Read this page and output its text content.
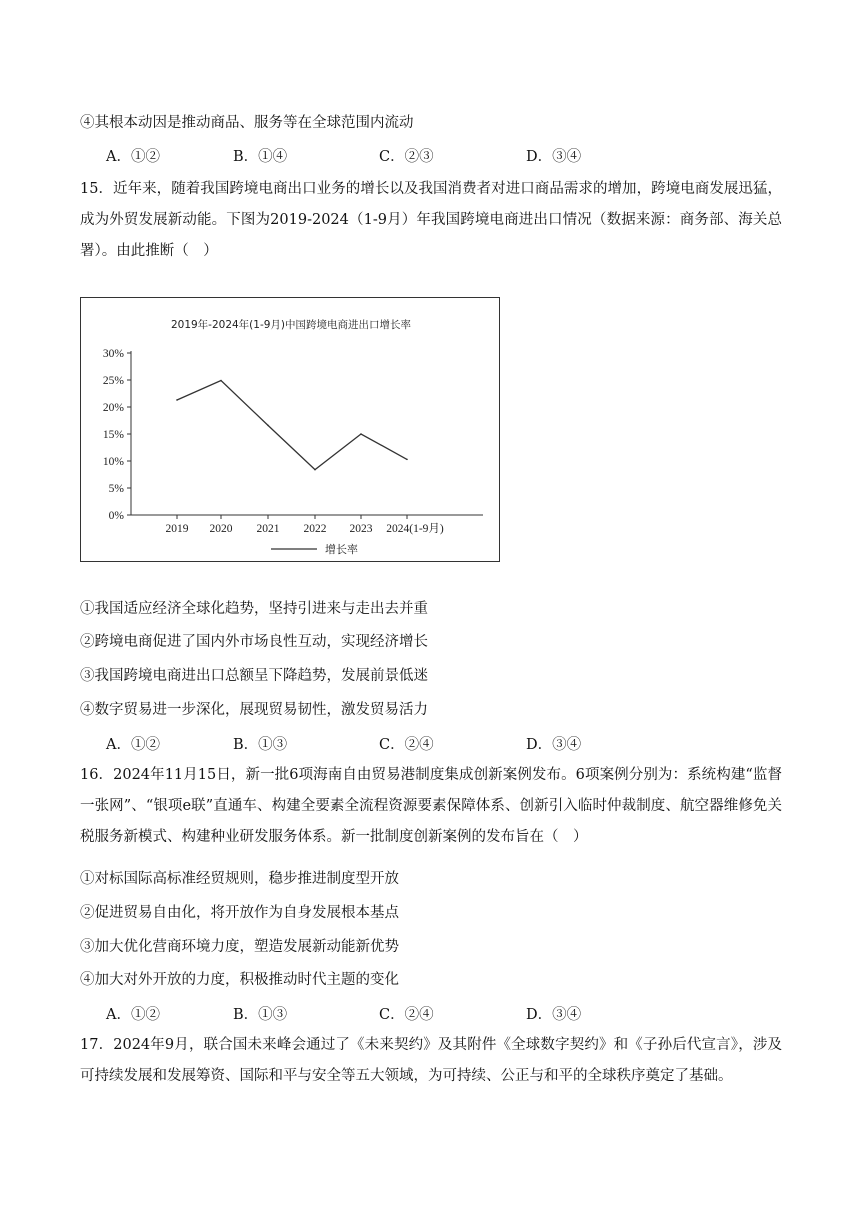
④其根本动因是推动商品、服务等在全球范围内流动
A．①②	B．①④	C．②③	D．③④
15．近年来，随着我国跨境电商出口业务的增长以及我国消费者对进口商品需求的增加，跨境电商发展迅猛，成为外贸发展新动能。下图为2019-2024（1-9月）年我国跨境电商进出口情况（数据来源：商务部、海关总署）。由此推断（　）
2019年-2024年(1-9月)中国跨境电商进出口增长率
0%
5%
10%
15%
20%
25%
30%
2019 2020 2021 2022 2023 2024(1-9月)
增长率
①我国适应经济全球化趋势，坚持引进来与走出去并重
②跨境电商促进了国内外市场良性互动，实现经济增长
③我国跨境电商进出口总额呈下降趋势，发展前景低迷
④数字贸易进一步深化，展现贸易韧性，激发贸易活力
A．①②	B．①③	C．②④	D．③④
16．2024年11月15日，新一批6项海南自由贸易港制度集成创新案例发布。6项案例分别为：系统构建“监督一张网”、“银项e联”直通车、构建全要素全流程资源要素保障体系、创新引入临时仲裁制度、航空器维修免关税服务新模式、构建种业研发服务体系。新一批制度创新案例的发布旨在（　）
①对标国际高标准经贸规则，稳步推进制度型开放
②促进贸易自由化，将开放作为自身发展根本基点
③加大优化营商环境力度，塑造发展新动能新优势
④加大对外开放的力度，积极推动时代主题的变化
A．①②	B．①③	C．②④	D．③④
17．2024年9月，联合国未来峰会通过了《未来契约》及其附件《全球数字契约》和《子孙后代宣言》，涉及可持续发展和发展筹资、国际和平与安全等五大领域，为可持续、公正与和平的全球秩序奠定了基础。
